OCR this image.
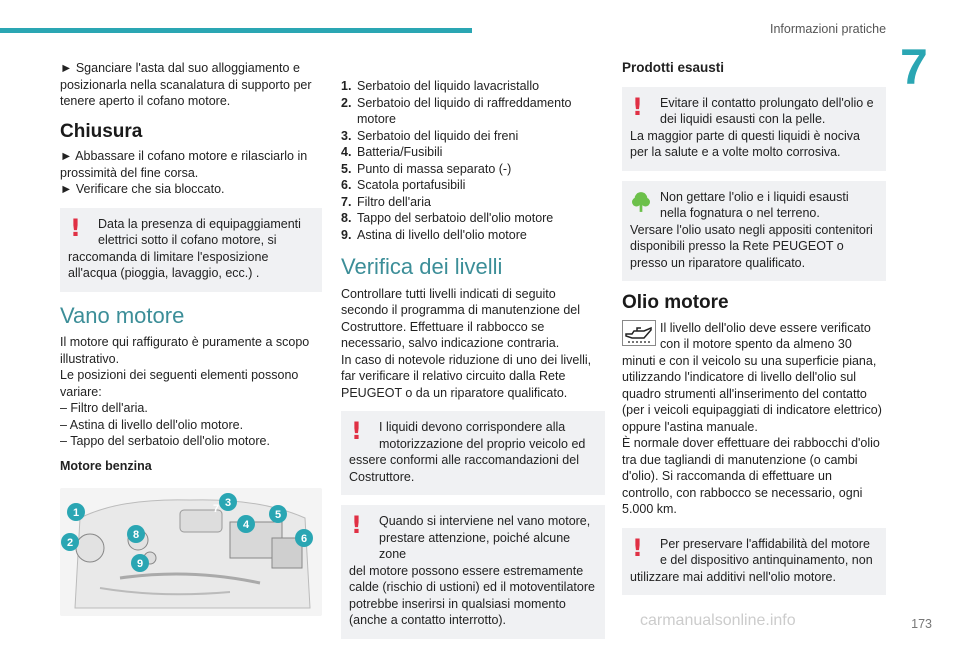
Informazioni pratiche
7

► Sganciare l'asta dal suo alloggiamento e posizionarla nella scanalatura di supporto per tenere aperto il cofano motore.

Chiusura

► Abbassare il cofano motore e rilasciarlo in prossimità del fine corsa.

► Verificare che sia bloccato.

!	Data la presenza di equipaggiamenti elettrici sotto il cofano motore, si

raccomanda di limitare l'esposizione all'acqua (pioggia, lavaggio, ecc.) .

Vano motore

Il motore qui raffigurato è puramente a scopo illustrativo.

Le posizioni dei seguenti elementi possono variare:

– Filtro dell'aria.

– Astina di livello dell'olio motore.

– Tappo del serbatoio dell'olio motore.

Motore benzina

1
2
3
4
5
6
7
8
9
1. Serbatoio del liquido lavacristallo
2. Serbatoio del liquido di raffreddamento motore
3. Serbatoio del liquido dei freni
4. Batteria/Fusibili
5. Punto di massa separato (-)
6. Scatola portafusibili
7. Filtro dell'aria
8. Tappo del serbatoio dell'olio motore
9. Astina di livello dell'olio motore
Verifica dei livelli

Controllare tutti livelli indicati di seguito secondo il programma di manutenzione del Costruttore. Effettuare il rabbocco se necessario, salvo indicazione contraria.
In caso di notevole riduzione di uno dei livelli, far verificare il relativo circuito dalla Rete PEUGEOT o da un riparatore qualificato.

!	I liquidi devono corrispondere alla motorizzazione del proprio veicolo ed

essere conformi alle raccomandazioni del Costruttore.

!	Quando si interviene nel vano motore, prestare attenzione, poiché alcune zone

del motore possono essere estremamente calde (rischio di ustioni) ed il motoventilatore potrebbe inserirsi in qualsiasi momento (anche a contatto interrotto).

Prodotti esausti
!	Evitare il contatto prolungato dell'olio e dei liquidi esausti con la pelle.

La maggior parte di questi liquidi è nociva per la salute e a volte molto corrosiva.

Non gettare l'olio e i liquidi esausti nella fognatura o nel terreno.

Versare l'olio usato negli appositi contenitori disponibili presso la Rete PEUGEOT o presso un riparatore qualificato.

Olio motore

Il livello dell'olio deve essere verificato con il motore spento da almeno 30 minuti e con il veicolo su una superficie piana, utilizzando l'indicatore di livello dell'olio sul quadro strumenti all'inserimento del contatto (per i veicoli equipaggiati di indicatore elettrico) oppure l'astina manuale.
È normale dover effettuare dei rabbocchi d'olio tra due tagliandi di manutenzione (o cambi d'olio). Si raccomanda di effettuare un controllo, con rabbocco se necessario, ogni 5.000 km.

!	Per preservare l'affidabilità del motore e del dispositivo antinquinamento, non

utilizzare mai additivi nell'olio motore.

carmanualsonline.info	173
